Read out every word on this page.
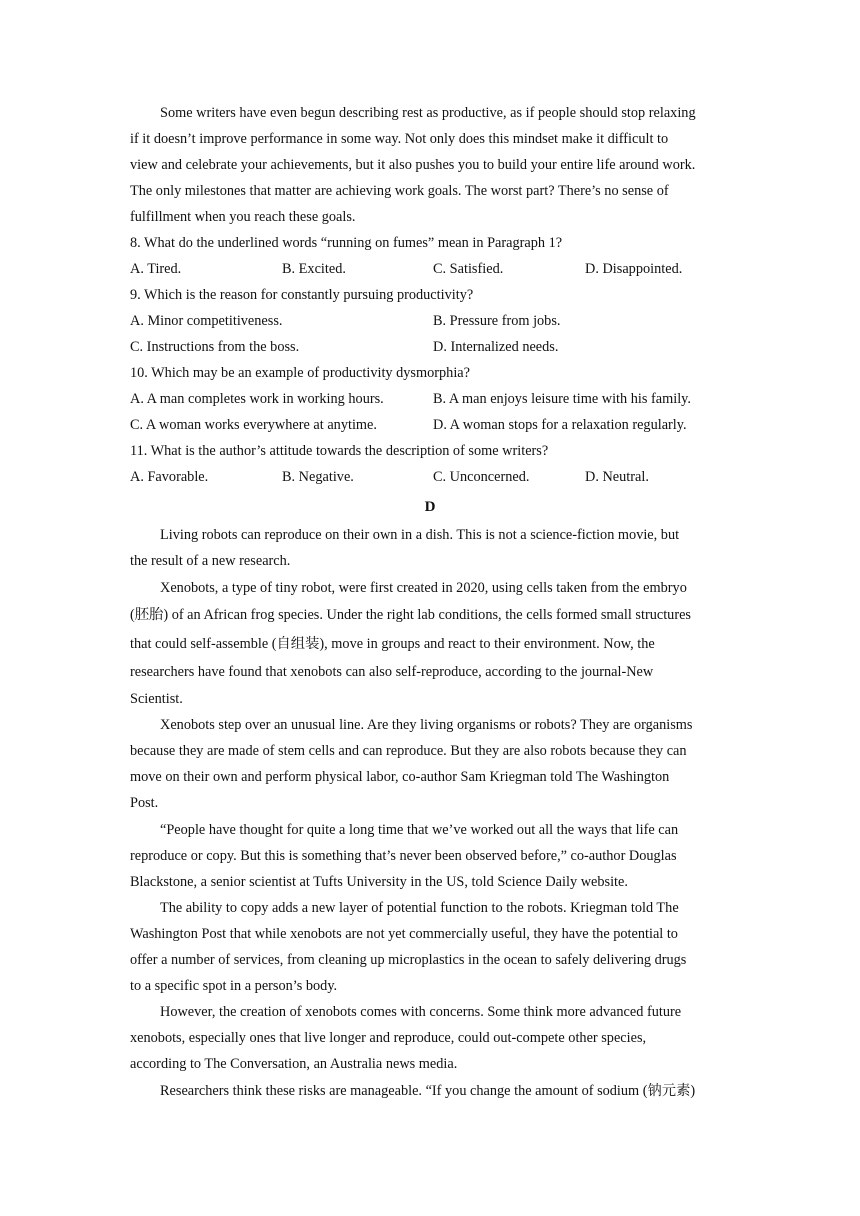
Some writers have even begun describing rest as productive, as if people should stop relaxing
if it doesn’t improve performance in some way. Not only does this mindset make it difficult to
view and celebrate your achievements, but it also pushes you to build your entire life around work.
The only milestones that matter are achieving work goals. The worst part? There’s no sense of
fulfillment when you reach these goals.
8. What do the underlined words “running on fumes” mean in Paragraph 1?
A. Tired.	B. Excited.	C. Satisfied.	D. Disappointed.
9. Which is the reason for constantly pursuing productivity?
A. Minor competitiveness.	B. Pressure from jobs.
C. Instructions from the boss.	D. Internalized needs.
10. Which may be an example of productivity dysmorphia?
A. A man completes work in working hours.	B. A man enjoys leisure time with his family.
C. A woman works everywhere at anytime.	D. A woman stops for a relaxation regularly.
11. What is the author’s attitude towards the description of some writers?
A. Favorable.	B. Negative.	C. Unconcerned.	D. Neutral.
D
Living robots can reproduce on their own in a dish. This is not a science-fiction movie, but
the result of a new research.
Xenobots, a type of tiny robot, were first created in 2020, using cells taken from the embryo
(胚胎) of an African frog species. Under the right lab conditions, the cells formed small structures
that could self-assemble (自组装), move in groups and react to their environment. Now, the
researchers have found that xenobots can also self-reproduce, according to the journal-New
Scientist.
Xenobots step over an unusual line. Are they living organisms or robots? They are organisms
because they are made of stem cells and can reproduce. But they are also robots because they can
move on their own and perform physical labor, co-author Sam Kriegman told The Washington
Post.
“People have thought for quite a long time that we’ve worked out all the ways that life can
reproduce or copy. But this is something that’s never been observed before,” co-author Douglas
Blackstone, a senior scientist at Tufts University in the US, told Science Daily website.
The ability to copy adds a new layer of potential function to the robots. Kriegman told The
Washington Post that while xenobots are not yet commercially useful, they have the potential to
offer a number of services, from cleaning up microplastics in the ocean to safely delivering drugs
to a specific spot in a person’s body.
However, the creation of xenobots comes with concerns. Some think more advanced future
xenobots, especially ones that live longer and reproduce, could out-compete other species,
according to The Conversation, an Australia news media.
Researchers think these risks are manageable. “If you change the amount of sodium (钠元素)
